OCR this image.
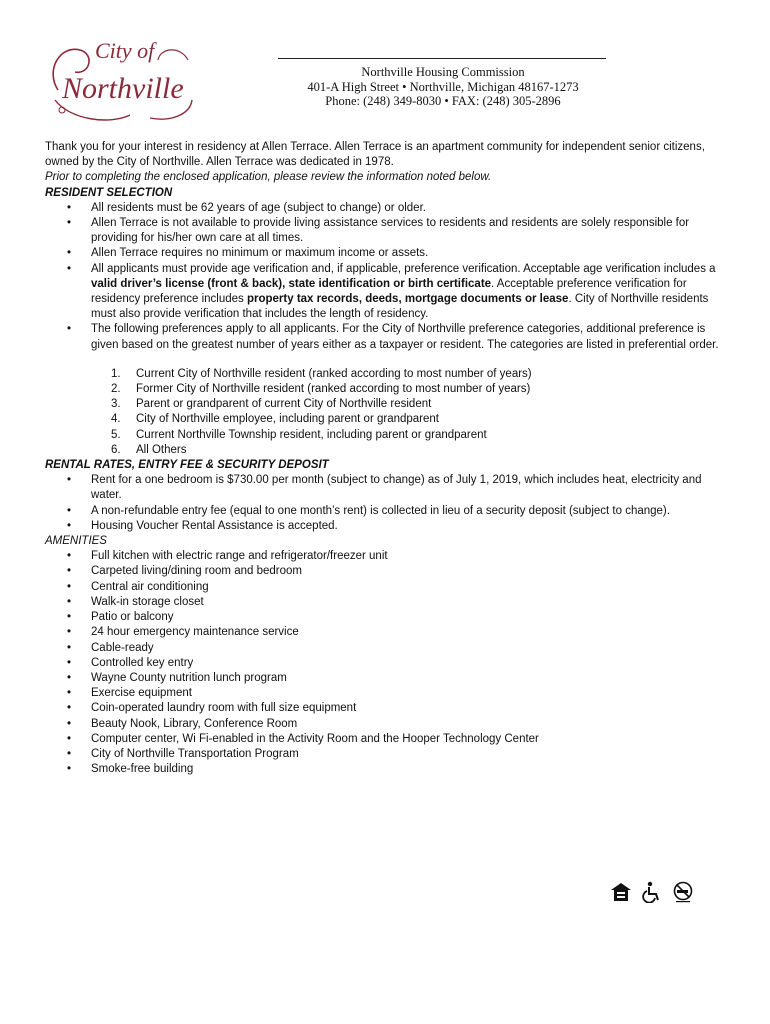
City of
Northville	Northville Housing Commission
401-A High Street • Northville, Michigan 48167-1273
Phone: (248) 349-8030 • FAX: (248) 305-2896

Thank you for your interest in residency at Allen Terrace. Allen Terrace is an apartment community for independent senior citizens, owned by the City of Northville. Allen Terrace was dedicated in 1978.

Prior to completing the enclosed application, please review the information noted below.

RESIDENT SELECTION

• All residents must be 62 years of age (subject to change) or older.
• Allen Terrace is not available to provide living assistance services to residents and residents are solely responsible for providing for his/her own care at all times.
• Allen Terrace requires no minimum or maximum income or assets.
• All applicants must provide age verification and, if applicable, preference verification. Acceptable age verification includes a valid driver’s license (front & back), state identification or birth certificate. Acceptable preference verification for residency preference includes property tax records, deeds, mortgage documents or lease. City of Northville residents must also provide verification that includes the length of residency.
• The following preferences apply to all applicants. For the City of Northville preference categories, additional preference is given based on the greatest number of years either as a taxpayer or resident. The categories are listed in preferential order.
1. Current City of Northville resident (ranked according to most number of years)
2. Former City of Northville resident (ranked according to most number of years)
3. Parent or grandparent of current City of Northville resident
4. City of Northville employee, including parent or grandparent
5. Current Northville Township resident, including parent or grandparent
6. All Others

RENTAL RATES, ENTRY FEE & SECURITY DEPOSIT

• Rent for a one bedroom is $730.00 per month (subject to change) as of July 1, 2019, which includes heat, electricity and water.
• A non-refundable entry fee (equal to one month’s rent) is collected in lieu of a security deposit (subject to change).
• Housing Voucher Rental Assistance is accepted.

AMENITIES

• Full kitchen with electric range and refrigerator/freezer unit
• Carpeted living/dining room and bedroom
• Central air conditioning
• Walk-in storage closet
• Patio or balcony
• 24 hour emergency maintenance service
• Cable-ready
• Controlled key entry
• Wayne County nutrition lunch program
• Exercise equipment
• Coin-operated laundry room with full size equipment
• Beauty Nook, Library, Conference Room
• Computer center, Wi Fi-enabled in the Activity Room and the Hooper Technology Center
• City of Northville Transportation Program
• Smoke-free building
